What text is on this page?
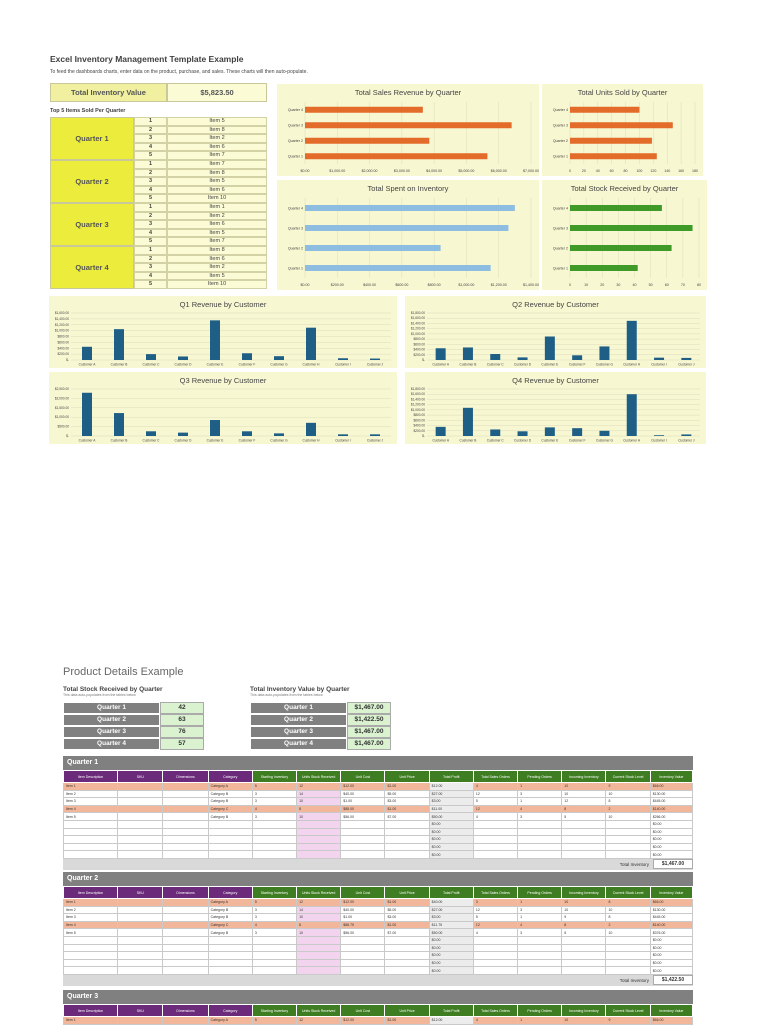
Excel Inventory Management Template Example
To feed the dashboards charts, enter data on the product, purchase, and sales. These charts will then auto-populate.
Total Inventory Value	$5,823.50
Top 5 Items Sold Per Quarter
Quarter 1
1	Item 5
2	Item 8
3	Item 2
4	Item 6
5	Item 7
Quarter 2
1	Item 7
2	Item 8
3	Item 5
4	Item 6
5	Item 10
Quarter 3
1	Item 1
2	Item 2
3	Item 6
4	Item 5
5	Item 7
Quarter 4
1	Item 8
2	Item 6
3	Item 2
4	Item 5
5	Item 10
Total Sales Revenue by Quarter
$0.00	$1,000.00	$2,000.00	$3,000.00	$4,000.00	$5,000.00	$6,000.00	$7,000.00
Quarter 1
Quarter 2
Quarter 3
Quarter 4
Total Units Sold by Quarter
0	20	40	60	80 100 120 140 160 180
Quarter 1
Quarter 2
Quarter 3
Quarter 4
Total Spent on Inventory
$0.00	$200.00	$400.00	$600.00	$800.00	$1,000.00	$1,200.00	$1,400.00
Quarter 1
Quarter 2
Quarter 3
Quarter 4
Total Stock Received by Quarter
0	10	20	30	40	50	60	70	80
Quarter 1
Quarter 2
Quarter 3
Quarter 4
Q1 Revenue by Customer
$-
$200.00
$400.00
$600.00
$800.00
$1,000.00
$1,200.00
$1,400.00
$1,600.00
Customer A	Customer B	Customer C	Customer D	Customer E	Customer F	Customer G	Customer H	Customer I	Customer J
Q2 Revenue by Customer
$-
$200.00
$400.00
$600.00
$800.00
$1,000.00
$1,200.00
$1,400.00
$1,600.00
$1,800.00
Customer A	Customer B	Customer C	Customer D	Customer E	Customer F	Customer G	Customer H	Customer I	Customer J
Q3 Revenue by Customer
$-
$500.00
$1,000.00
$1,500.00
$2,000.00
$2,500.00
Customer A	Customer B	Customer C	Customer D	Customer E	Customer F	Customer G	Customer H	Customer I	Customer J
Q4 Revenue by Customer
$-
$200.00
$400.00
$600.00
$800.00
$1,000.00
$1,200.00
$1,400.00
$1,600.00
$1,800.00
Customer A	Customer B	Customer C	Customer D	Customer E	Customer F	Customer G	Customer H	Customer I	Customer J
Product Details Example
Total Stock Received by Quarter
This data auto-populates from the tables below
Total Inventory Value by Quarter
This data auto-populates from the tables below
Quarter 1	42
Quarter 2	63
Quarter 3	76
Quarter 4	57
Quarter 1	$1,467.00
Quarter 2	$1,422.50
Quarter 3	$1,467.00
Quarter 4	$1,467.00
Quarter 1
Item Description	SKU	Dimensions	Category	Starting Inventory	Units Stock Received	Unit Cost	Unit Price	Total Profit	Total Sales Orders	Pending Orders	Incoming Inventory	Current Stock Level	Inventory Value
Item 1			Category A	5	12	$12.00	$1.00	$12.00	4	1	10	9	$66.00
Item 2			Category B	3	14	$40.00	$5.00	$27.00	12	3	10	10	$130.00
Item 3			Category B	3	10	$1.00	$3.00	$3.00	5	1	12	8	$445.00
Item 4			Category C	4	8	$88.00	$1.00	$11.00	12	4	8	2	$140.00
Item 5			Category B	3	10	$56.00	$7.00	$50.00	4	3	5	10	$266.00
								$0.00					$0.00
								$0.00					$0.00
								$0.00					$0.00
								$0.00					$0.00
								$0.00					$0.00
Total Inventory	$1,467.00
Quarter 2
Item Description	SKU	Dimensions	Category	Starting Inventory	Units Stock Received	Unit Cost	Unit Price	Total Profit	Total Sales Orders	Pending Orders	Incoming Inventory	Current Stock Level	Inventory Value
Item 1			Category A	5	12	$12.00	$1.00	$40.00	3	1	10	8	$66.00
Item 2			Category B	3	14	$40.00	$5.00	$27.00	12	3	10	10	$130.00
Item 3			Category B	3	10	$1.00	$3.00	$3.00	5	1	9	8	$445.00
Item 4			Category C	4	8	$88.75	$1.00	$11.75	12	4	8	2	$140.00
Item 5			Category B	3	10	$56.00	$7.00	$50.00	4	3	5	10	$376.00
								$0.00					$0.00
								$0.00					$0.00
								$0.00					$0.00
								$0.00					$0.00
								$0.00					$0.00
Total Inventory	$1,422.50
Quarter 3
Item Description	SKU	Dimensions	Category	Starting Inventory	Units Stock Received	Unit Cost	Unit Price	Total Profit	Total Sales Orders	Pending Orders	Incoming Inventory	Current Stock Level	Inventory Value
Item 1			Category A	5	12	$12.00	$1.00	$12.00	4	1	10	9	$66.00
